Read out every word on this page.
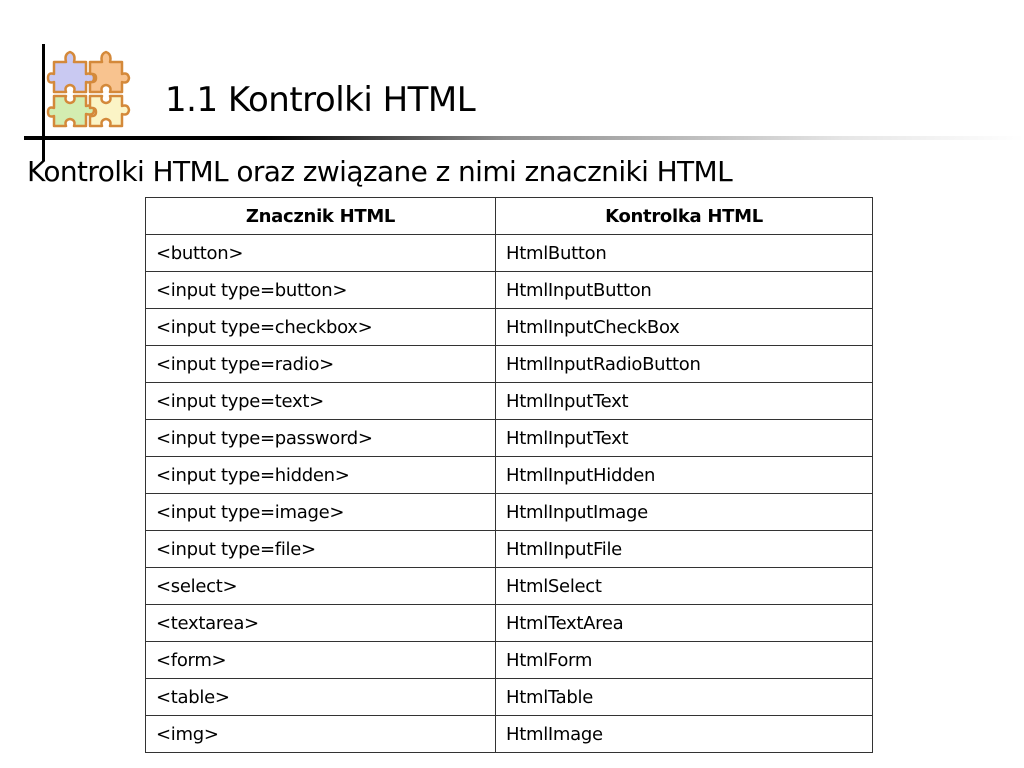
1.1 Kontrolki HTML
Kontrolki HTML oraz związane z nimi znaczniki HTML
Znacznik HTML	Kontrolka HTML
<button>	HtmlButton
<input type=button>	HtmlInputButton
<input type=checkbox>	HtmlInputCheckBox
<input type=radio>	HtmlInputRadioButton
<input type=text>	HtmlInputText
<input type=password>	HtmlInputText
<input type=hidden>	HtmlInputHidden
<input type=image>	HtmlInputImage
<input type=file>	HtmlInputFile
<select>	HtmlSelect
<textarea>	HtmlTextArea
<form>	HtmlForm
<table>	HtmlTable
<img>	HtmlImage
